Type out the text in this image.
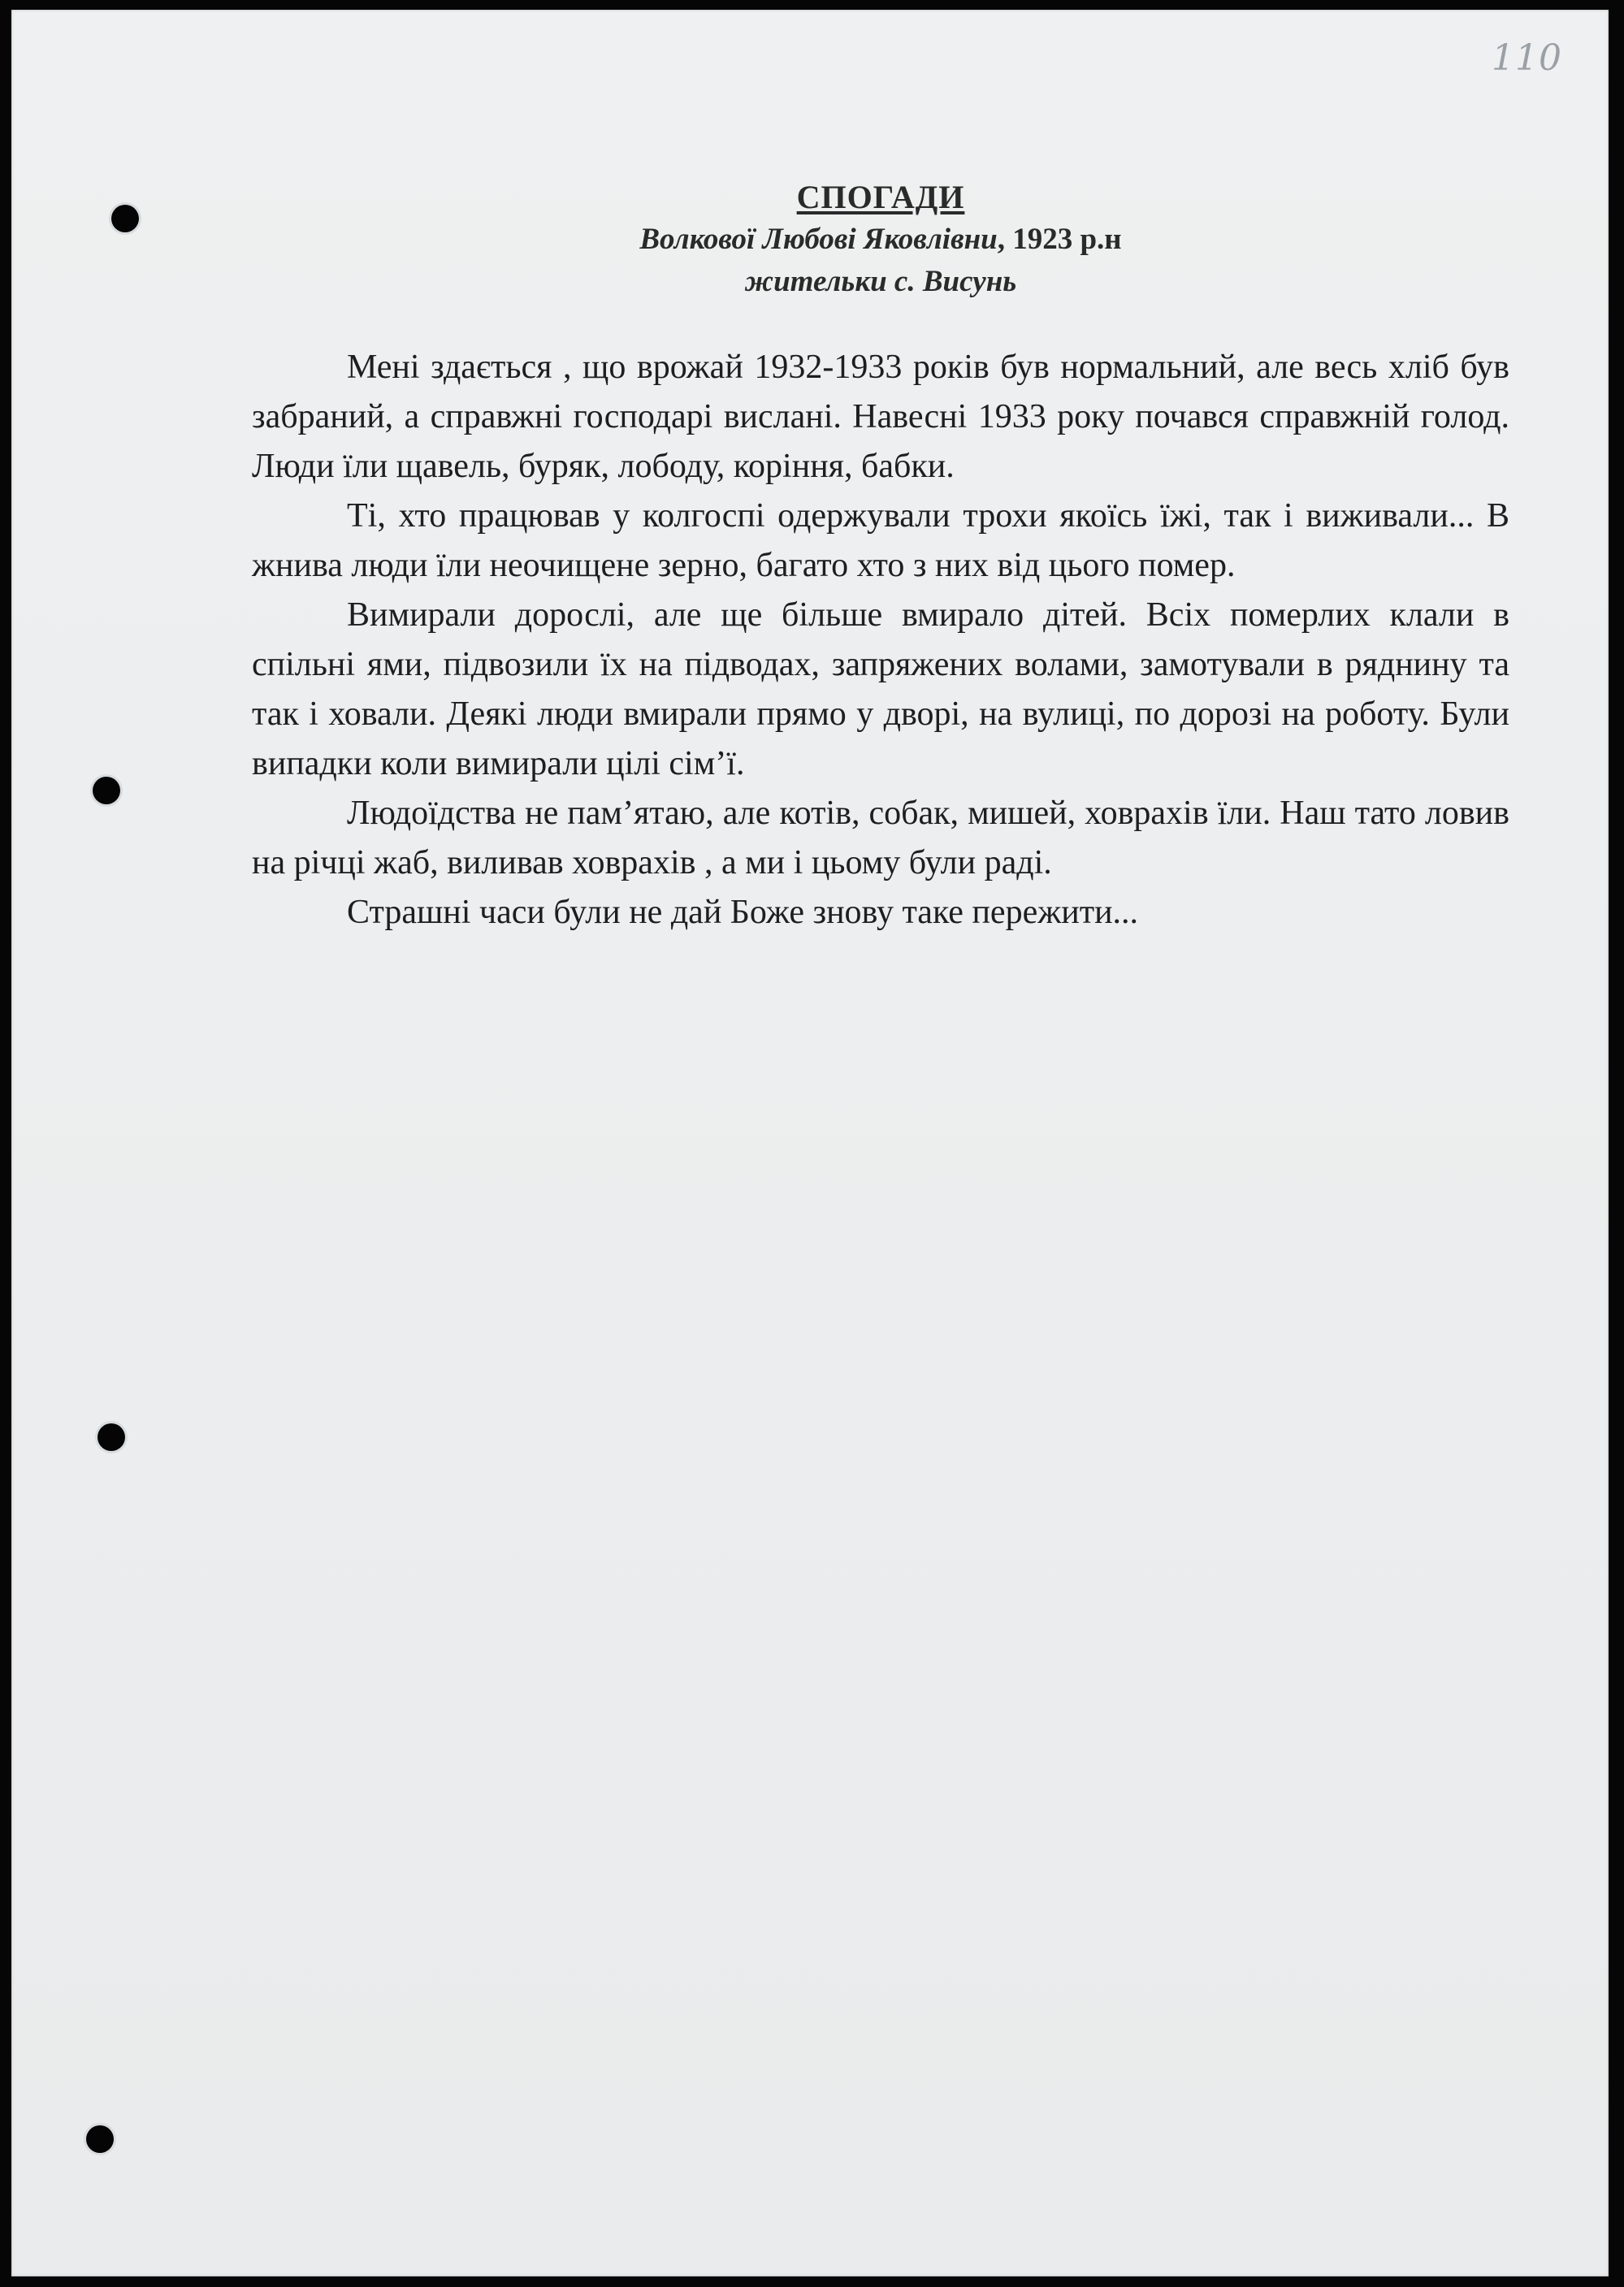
110
СПОГАДИ
Волкової Любові Яковлівни, 1923 р.н
жительки с. Висунь

Мені здається , що врожай 1932-1933 років був нормальний, але весь хліб був забраний, а справжні господарі вислані. Навесні 1933 року почався справжній голод. Люди їли щавель, буряк, лободу, коріння, бабки.

Ті, хто працював у колгоспі одержували трохи якоїсь їжі, так і виживали... В жнива люди їли неочищене зерно, багато хто з них від цього помер.

Вимирали дорослі, але ще більше вмирало дітей. Всіх померлих клали в спільні ями, підвозили їх на підводах, запряжених волами, замотували в ряднину та так і ховали. Деякі люди вмирали прямо у дворі, на вулиці, по дорозі на роботу. Були випадки коли вимирали цілі сім’ї.

Людоїдства не пам’ятаю, але котів, собак, мишей, ховрахів їли. Наш тато ловив на річці жаб, виливав ховрахів , а ми і цьому були раді.

Страшні часи були не дай Боже знову таке пережити...
